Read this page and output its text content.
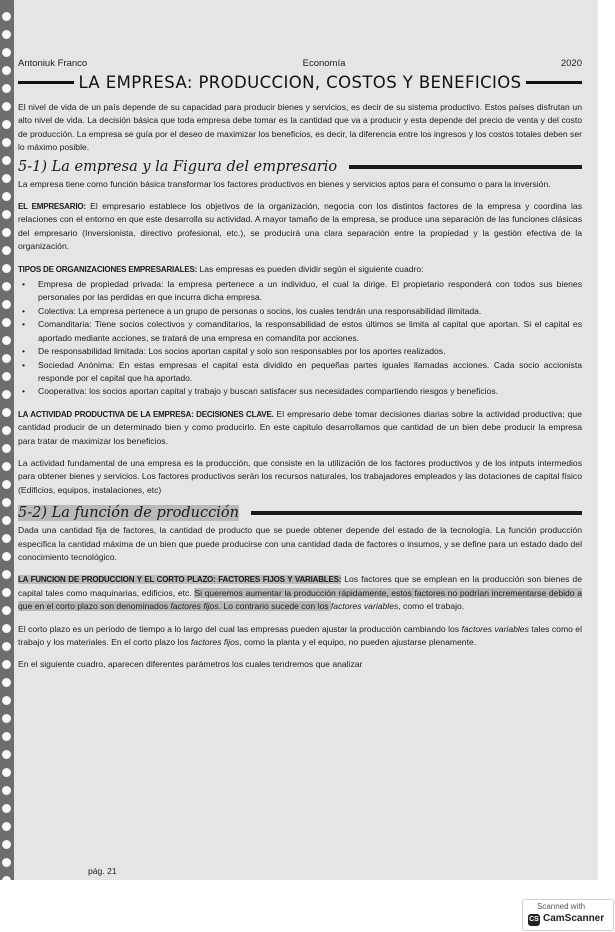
Antoniuk Franco	Economía	2020
LA EMPRESA: PRODUCCION, COSTOS Y BENEFICIOS

El nivel de vida de un país depende de su capacidad para producir bienes y servicios, es decir de su sistema productivo. Estos países disfrutan un alto nivel de vida. La decisión básica que toda empresa debe tomar es la cantidad que va a producir y esta depende del precio de venta y del costo de producción. La empresa se guía por el deseo de maximizar los beneficios, es decir, la diferencia entre los ingresos y los costos totales deben ser lo máximo posible.

5-1) La empresa y la Figura del empresario

La empresa tiene como función básica transformar los factores productivos en bienes y servicios aptos para el consumo o para la inversión.

EL EMPRESARIO: El empresario establece los objetivos de la organización, negocia con los distintos factores de la empresa y coordina las relaciones con el entorno en que este desarrolla su actividad. A mayor tamaño de la empresa, se produce una separación de las funciones clásicas del empresario (Inversionista, directivo profesional, etc.), se producirá una clara separación entre la propiedad y la gestión efectiva de la organización.

TIPOS DE ORGANIZACIONES EMPRESARIALES: Las empresas es pueden dividir según el siguiente cuadro:

• Empresa de propiedad privada: la empresa pertenece a un individuo, el cual la dirige. El propietario responderá con todos sus bienes personales por las perdidas en que incurra dicha empresa.
• Colectiva: La empresa pertenece a un grupo de personas o socios, los cuales tendrán una responsabilidad ilimitada.
• Comanditaria: Tiene socios colectivos y comanditarios, la responsabilidad de estos últimos se limita al capital que aportan. Si el capital es aportado mediante acciones, se tratará de una empresa en comandita por acciones.
• De responsabilidad limitada: Los socios aportan capital y solo son responsables por los aportes realizados.
• Sociedad Anónima: En estas empresas el capital esta dividido en pequeñas partes iguales llamadas acciones. Cada socio accionista responde por el capital que ha aportado.
• Cooperativa: los socios aportan capital y trabajo y buscan satisfacer sus necesidades compartiendo riesgos y beneficios.

LA ACTIVIDAD PRODUCTIVA DE LA EMPRESA: DECISIONES CLAVE. El empresario debe tomar decisiones diarias sobre la actividad productiva; que cantidad producir de un determinado bien y como producirlo. En este capitulo desarrollamos que cantidad de un bien debe producir la empresa para tratar de maximizar los beneficios.

La actividad fundamental de una empresa es la producción, que consiste en la utilización de los factores productivos y de los intputs intermedios para obtener bienes y servicios. Los factores productivos serán los recursos naturales, los trabajadores empleados y las dotaciones de capital físico (Edificios, equipos, instalaciones, etc)

5-2) La función de producción

Dada una cantidad fija de factores, la cantidad de producto que se puede obtener depende del estado de la tecnología. La función producción especifica la cantidad máxima de un bien que puede producirse con una cantidad dada de factores o insumos, y se define para un estado dado del conocimiento tecnológico.

LA FUNCION DE PRODUCCION Y EL CORTO PLAZO: FACTORES FIJOS Y VARIABLES: Los factores que se emplean en la producción son bienes de capital tales como maquinarias, edificios, etc. Si queremos aumentar la producción rápidamente, estos factores no podrían incrementarse debido a que en el corto plazo son denominados factores fijos. Lo contrario sucede con los factores variables, como el trabajo.

El corto plazo es un periodo de tiempo a lo largo del cual las empresas pueden ajustar la producción cambiando los factores variables tales como el trabajo y los materiales. En el corto plazo los factores fijos, como la planta y el equipo, no pueden ajustarse plenamente.

En el siguiente cuadro, aparecen diferentes parámetros los cuales tendremos que analizar

pág. 21
Scanned with
CS CamScanner
